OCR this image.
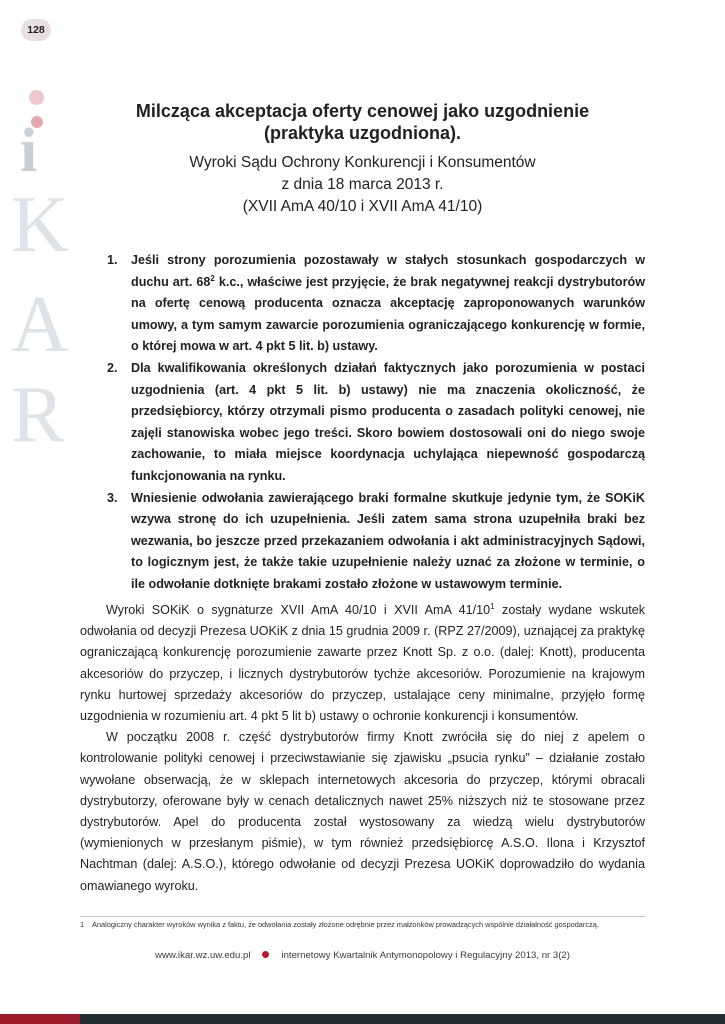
128
i
K
A
R
Milcząca akceptacja oferty cenowej jako uzgodnienie
(praktyka uzgodniona).
Wyroki Sądu Ochrony Konkurencji i Konsumentów
z dnia 18 marca 2013 r.
(XVII AmA 40/10 i XVII AmA 41/10)
1. Jeśli strony porozumienia pozostawały w stałych stosunkach gospodarczych w duchu art. $68^2$ k.c., właściwe jest przyjęcie, że brak negatywnej reakcji dystrybutorów na ofertę cenową producenta oznacza akceptację zaproponowanych warunków umowy, a tym samym zawarcie porozumienia ograniczającego konkurencję w formie, o której mowa w art. 4 pkt 5 lit. b) ustawy.
2. Dla kwalifikowania określonych działań faktycznych jako porozumienia w postaci uzgodnienia (art. 4 pkt 5 lit. b) ustawy) nie ma znaczenia okoliczność, że przedsiębiorcy, którzy otrzymali pismo producenta o zasadach polityki cenowej, nie zajęli stanowiska wobec jego treści. Skoro bowiem dostosowali oni do niego swoje zachowanie, to miała miejsce koordynacja uchylająca niepewność gospodarczą funkcjonowania na rynku.
3. Wniesienie odwołania zawierającego braki formalne skutkuje jedynie tym, że SOKiK wzywa stronę do ich uzupełnienia. Jeśli zatem sama strona uzupełniła braki bez wezwania, bo jeszcze przed przekazaniem odwołania i akt administracyjnych Sądowi, to logicznym jest, że także takie uzupełnienie należy uznać za złożone w terminie, o ile odwołanie dotknięte brakami zostało złożone w ustawowym terminie.

Wyroki SOKiK o sygnaturze XVII AmA 40/10 i XVII AmA $41/10^1$ zostały wydane wskutek odwołania od decyzji Prezesa UOKiK z dnia 15 grudnia 2009 r. (RPZ 27/2009), uznającej za praktykę ograniczającą konkurencję porozumienie zawarte przez Knott Sp. z o.o. (dalej: Knott), producenta akcesoriów do przyczep, i licznych dystrybutorów tychże akcesoriów. Porozumienie na krajowym rynku hurtowej sprzedaży akcesoriów do przyczep, ustalające ceny minimalne, przyjęło formę uzgodnienia w rozumieniu art. 4 pkt 5 lit b) ustawy o ochronie konkurencji i konsumentów.

W początku 2008 r. część dystrybutorów firmy Knott zwróciła się do niej z apelem o kontrolowanie polityki cenowej i przeciwstawianie się zjawisku „psucia rynku” – działanie zostało wywołane obserwacją, że w sklepach internetowych akcesoria do przyczep, którymi obracali dystrybutorzy, oferowane były w cenach detalicznych nawet 25% niższych niż te stosowane przez dystrybutorów. Apel do producenta został wystosowany za wiedzą wielu dystrybutorów (wymienionych w przesłanym piśmie), w tym również przedsiębiorcę A.S.O. Ilona i Krzysztof Nachtman (dalej: A.S.O.), którego odwołanie od decyzji Prezesa UOKiK doprowadziło do wydania omawianego wyroku.

1 Analogiczny charakter wyroków wynika z faktu, że odwołania zostały złożone odrębnie przez małżonków prowadzących wspólnie działalność gospodarczą.
www.ikar.wz.uw.edu.pl	internetowy Kwartalnik Antymonopolowy i Regulacyjny 2013, nr 3(2)
